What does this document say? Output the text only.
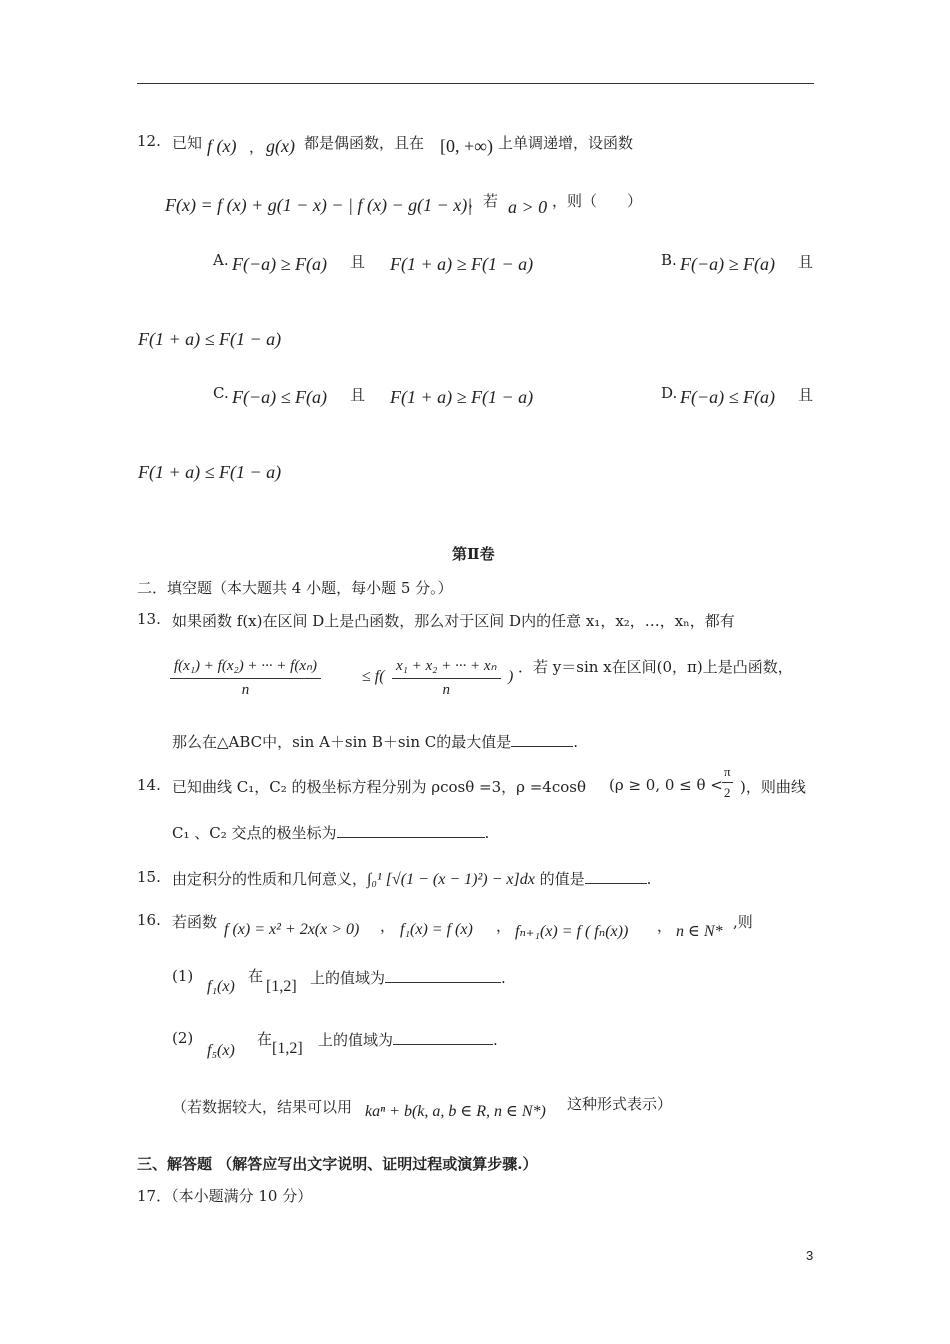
12. 已知 f (x) ， g(x) 都是偶函数，且在 [0, +∞) 上单调递增，设函数
F(x) = f (x) + g(1 − x) − | f (x) − g(1 − x)|
，若 a > 0 ，则（　　）
A. F(−a) ≥ F(a) 且 F(1 + a) ≥ F(1 − a)	B. F(−a) ≥ F(a) 且
F(1 + a) ≤ F(1 − a)
C. F(−a) ≤ F(a) 且 F(1 + a) ≥ F(1 − a)	D. F(−a) ≤ F(a) 且
F(1 + a) ≤ F(1 − a)
第Ⅱ卷
二．填空题（本大题共 4 小题，每小题 5 分。）
13. 如果函数 f(x)在区间 D上是凸函数，那么对于区间 D内的任意 x₁，x₂，…，xₙ，都有
$\frac{\text{f(x₁) + f(x₂) + ··· + f(xₙ)}}{n}$	≤ $f( \frac{\text{x₁ + x₂ + ··· + xₙ}}{n}$ )
．若 y＝sin x在区间(0，π)上是凸函数，
那么在△ABC中，sin A＋sin B＋sin C的最大值是	.
14. 已知曲线 C₁，C₂ 的极坐标方程分别为 ρcosθ =3，ρ =4cosθ (ρ ≥ 0, $0 \le \theta < \frac{\pi}{2}$ )，则曲线
C₁ 、C₂ 交点的极坐标为	.
15. 由定积分的性质和几何意义，∫₀¹ [√(1 − (x − 1)²) − x]dx 的值是	.
16. 若函数 f (x) = x² + 2x(x > 0) ， f₁(x) = f (x) ， fₙ₊₁(x) = f ( fₙ(x)) ， n ∈ N*
,则
(1)
f₁(x)
在
[1,2] 上的值域为	.
(2)
f₅(x)
在
[1,2] 上的值域为	.
（若数据较大，结果可以用 kaⁿ + b(k, a, b ∈ R, n ∈ N*) 这种形式表示）
三、解答题 （解答应写出文字说明、证明过程或演算步骤.）
17．（本小题满分 10 分）
3
